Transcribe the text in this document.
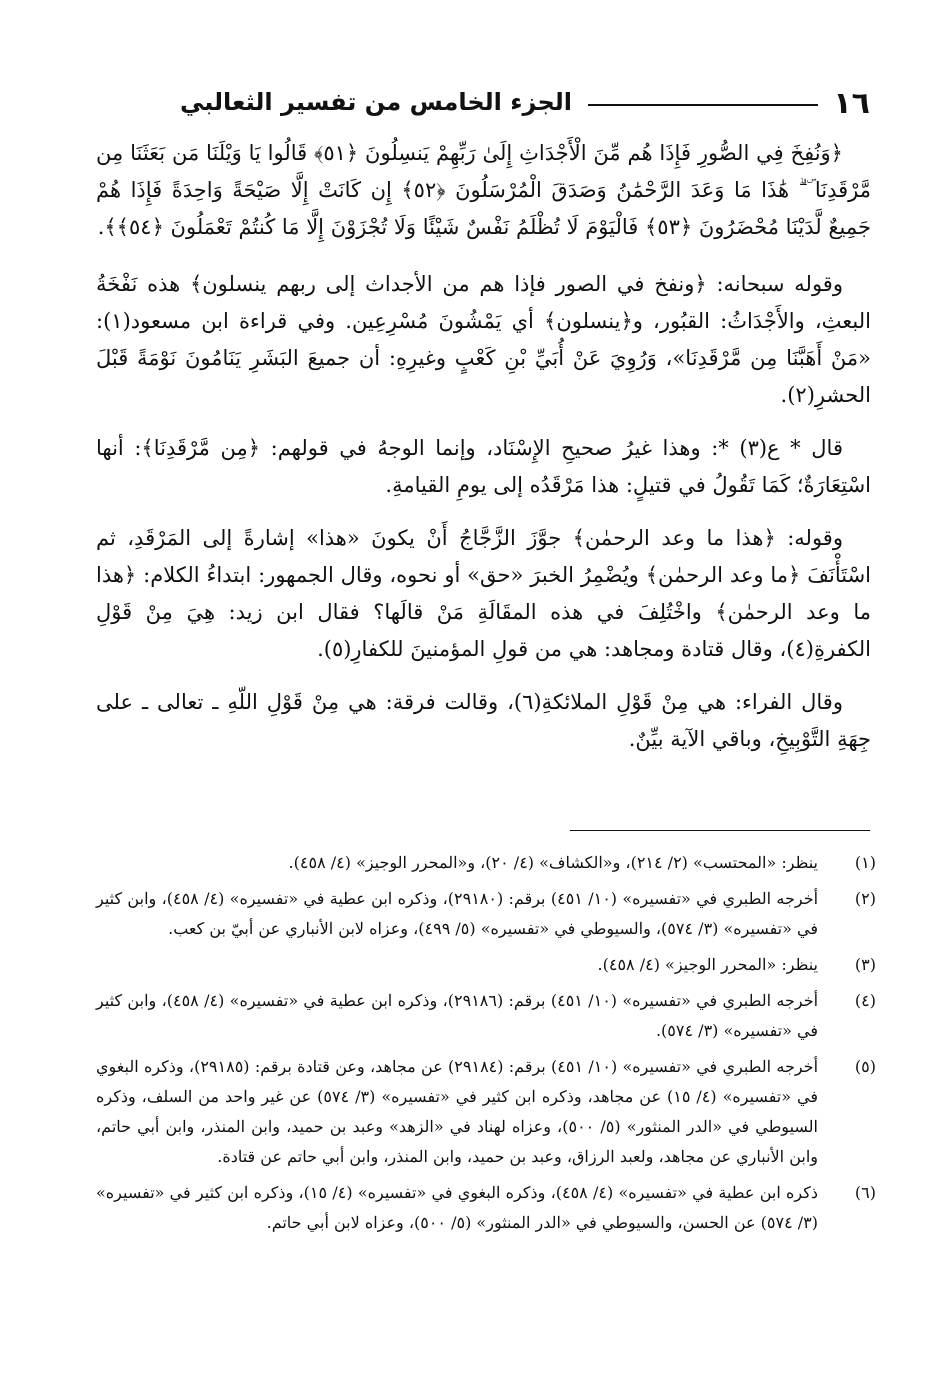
١٦
الجزء الخامس من تفسير الثعالبي

﴿وَنُفِخَ فِي الصُّورِ فَإِذَا هُم مِّنَ الْأَجْدَاثِ إِلَىٰ رَبِّهِمْ يَنسِلُونَ ﴿٥١﴾ قَالُوا يَا وَيْلَنَا مَن بَعَثَنَا مِن مَّرْقَدِنَا ۜ ۗ هَٰذَا مَا وَعَدَ الرَّحْمَٰنُ وَصَدَقَ الْمُرْسَلُونَ ﴿٥٢﴾ إِن كَانَتْ إِلَّا صَيْحَةً وَاحِدَةً فَإِذَا هُمْ جَمِيعٌ لَّدَيْنَا مُحْضَرُونَ ﴿٥٣﴾ فَالْيَوْمَ لَا تُظْلَمُ نَفْسٌ شَيْئًا وَلَا تُجْزَوْنَ إِلَّا مَا كُنتُمْ تَعْمَلُونَ ﴿٥٤﴾﴾.

وقوله سبحانه: ﴿ونفخ في الصور فإذا هم من الأجداث إلى ربهم ينسلون﴾ هذه نَفْخَةُ البعثِ، والأَجْدَاثُ: القبُور، و﴿ينسلون﴾ أي يَمْشُونَ مُسْرِعِين. وفي قراءة ابن مسعود(١): «مَنْ أَهَبَّنَا مِن مَّرْقَدِنَا»، وَرُوِيَ عَنْ أُبَيِّ بْنِ كَعْبٍ وغيرِهِ: أن جميعَ البَشَرِ يَنَامُونَ نَوْمَةً قَبْلَ الحشرِ(٢).

قال * ع(٣) *: وهذا غيرُ صحيحِ الإِسْنَاد، وإنما الوجهُ في قولهم: ﴿مِن مَّرْقَدِنَا﴾: أنها اسْتِعَارَةٌ؛ كَمَا تَقُولُ في قتيلٍ: هذا مَرْقَدُه إلى يومِ القيامةِ.

وقوله: ﴿هذا ما وعد الرحمٰن﴾ جوَّزَ الزَّجَّاجُ أَنْ يكونَ «هذا» إشارةً إلى المَرْقَدِ، ثم اسْتَأْنَفَ ﴿ما وعد الرحمٰن﴾ ويُضْمِرُ الخبرَ «حق» أو نحوه، وقال الجمهور: ابتداءُ الكلام: ﴿هذا ما وعد الرحمٰن﴾ واخْتُلِفَ في هذه المقَالَةِ مَنْ قالَها؟ فقال ابن زيد: هِيَ مِنْ قَوْلِ الكفرةِ(٤)، وقال قتادة ومجاهد: هي من قولِ المؤمنينَ للكفارِ(٥).

وقال الفراء: هي مِنْ قَوْلِ الملائكةِ(٦)، وقالت فرقة: هي مِنْ قَوْلِ اللّهِ ـ تعالى ـ على جِهَةِ التَّوْبِيخِ، وباقي الآية بيِّنٌ.

(١)
ينظر: «المحتسب» (٢/ ٢١٤)، و«الكشاف» (٤/ ٢٠)، و«المحرر الوجيز» (٤/ ٤٥٨).
(٢)
أخرجه الطبري في «تفسيره» (١٠/ ٤٥١) برقم: (٢٩١٨٠)، وذكره ابن عطية في «تفسيره» (٤/ ٤٥٨)، وابن كثير في «تفسيره» (٣/ ٥٧٤)، والسيوطي في «تفسيره» (٥/ ٤٩٩)، وعزاه لابن الأنباري عن أبيّ بن كعب.
(٣)
ينظر: «المحرر الوجيز» (٤/ ٤٥٨).
(٤)
أخرجه الطبري في «تفسيره» (١٠/ ٤٥١) برقم: (٢٩١٨٦)، وذكره ابن عطية في «تفسيره» (٤/ ٤٥٨)، وابن كثير في «تفسيره» (٣/ ٥٧٤).
(٥)
أخرجه الطبري في «تفسيره» (١٠/ ٤٥١) برقم: (٢٩١٨٤) عن مجاهد، وعن قتادة برقم: (٢٩١٨٥)، وذكره البغوي في «تفسيره» (٤/ ١٥) عن مجاهد، وذكره ابن كثير في «تفسيره» (٣/ ٥٧٤) عن غير واحد من السلف، وذكره السيوطي في «الدر المنثور» (٥/ ٥٠٠)، وعزاه لهناد في «الزهد» وعبد بن حميد، وابن المنذر، وابن أبي حاتم، وابن الأنباري عن مجاهد، ولعبد الرزاق، وعبد بن حميد، وابن المنذر، وابن أبي حاتم عن قتادة.
(٦)
ذكره ابن عطية في «تفسيره» (٤/ ٤٥٨)، وذكره البغوي في «تفسيره» (٤/ ١٥)، وذكره ابن كثير في «تفسيره» (٣/ ٥٧٤) عن الحسن، والسيوطي في «الدر المنثور» (٥/ ٥٠٠)، وعزاه لابن أبي حاتم.
